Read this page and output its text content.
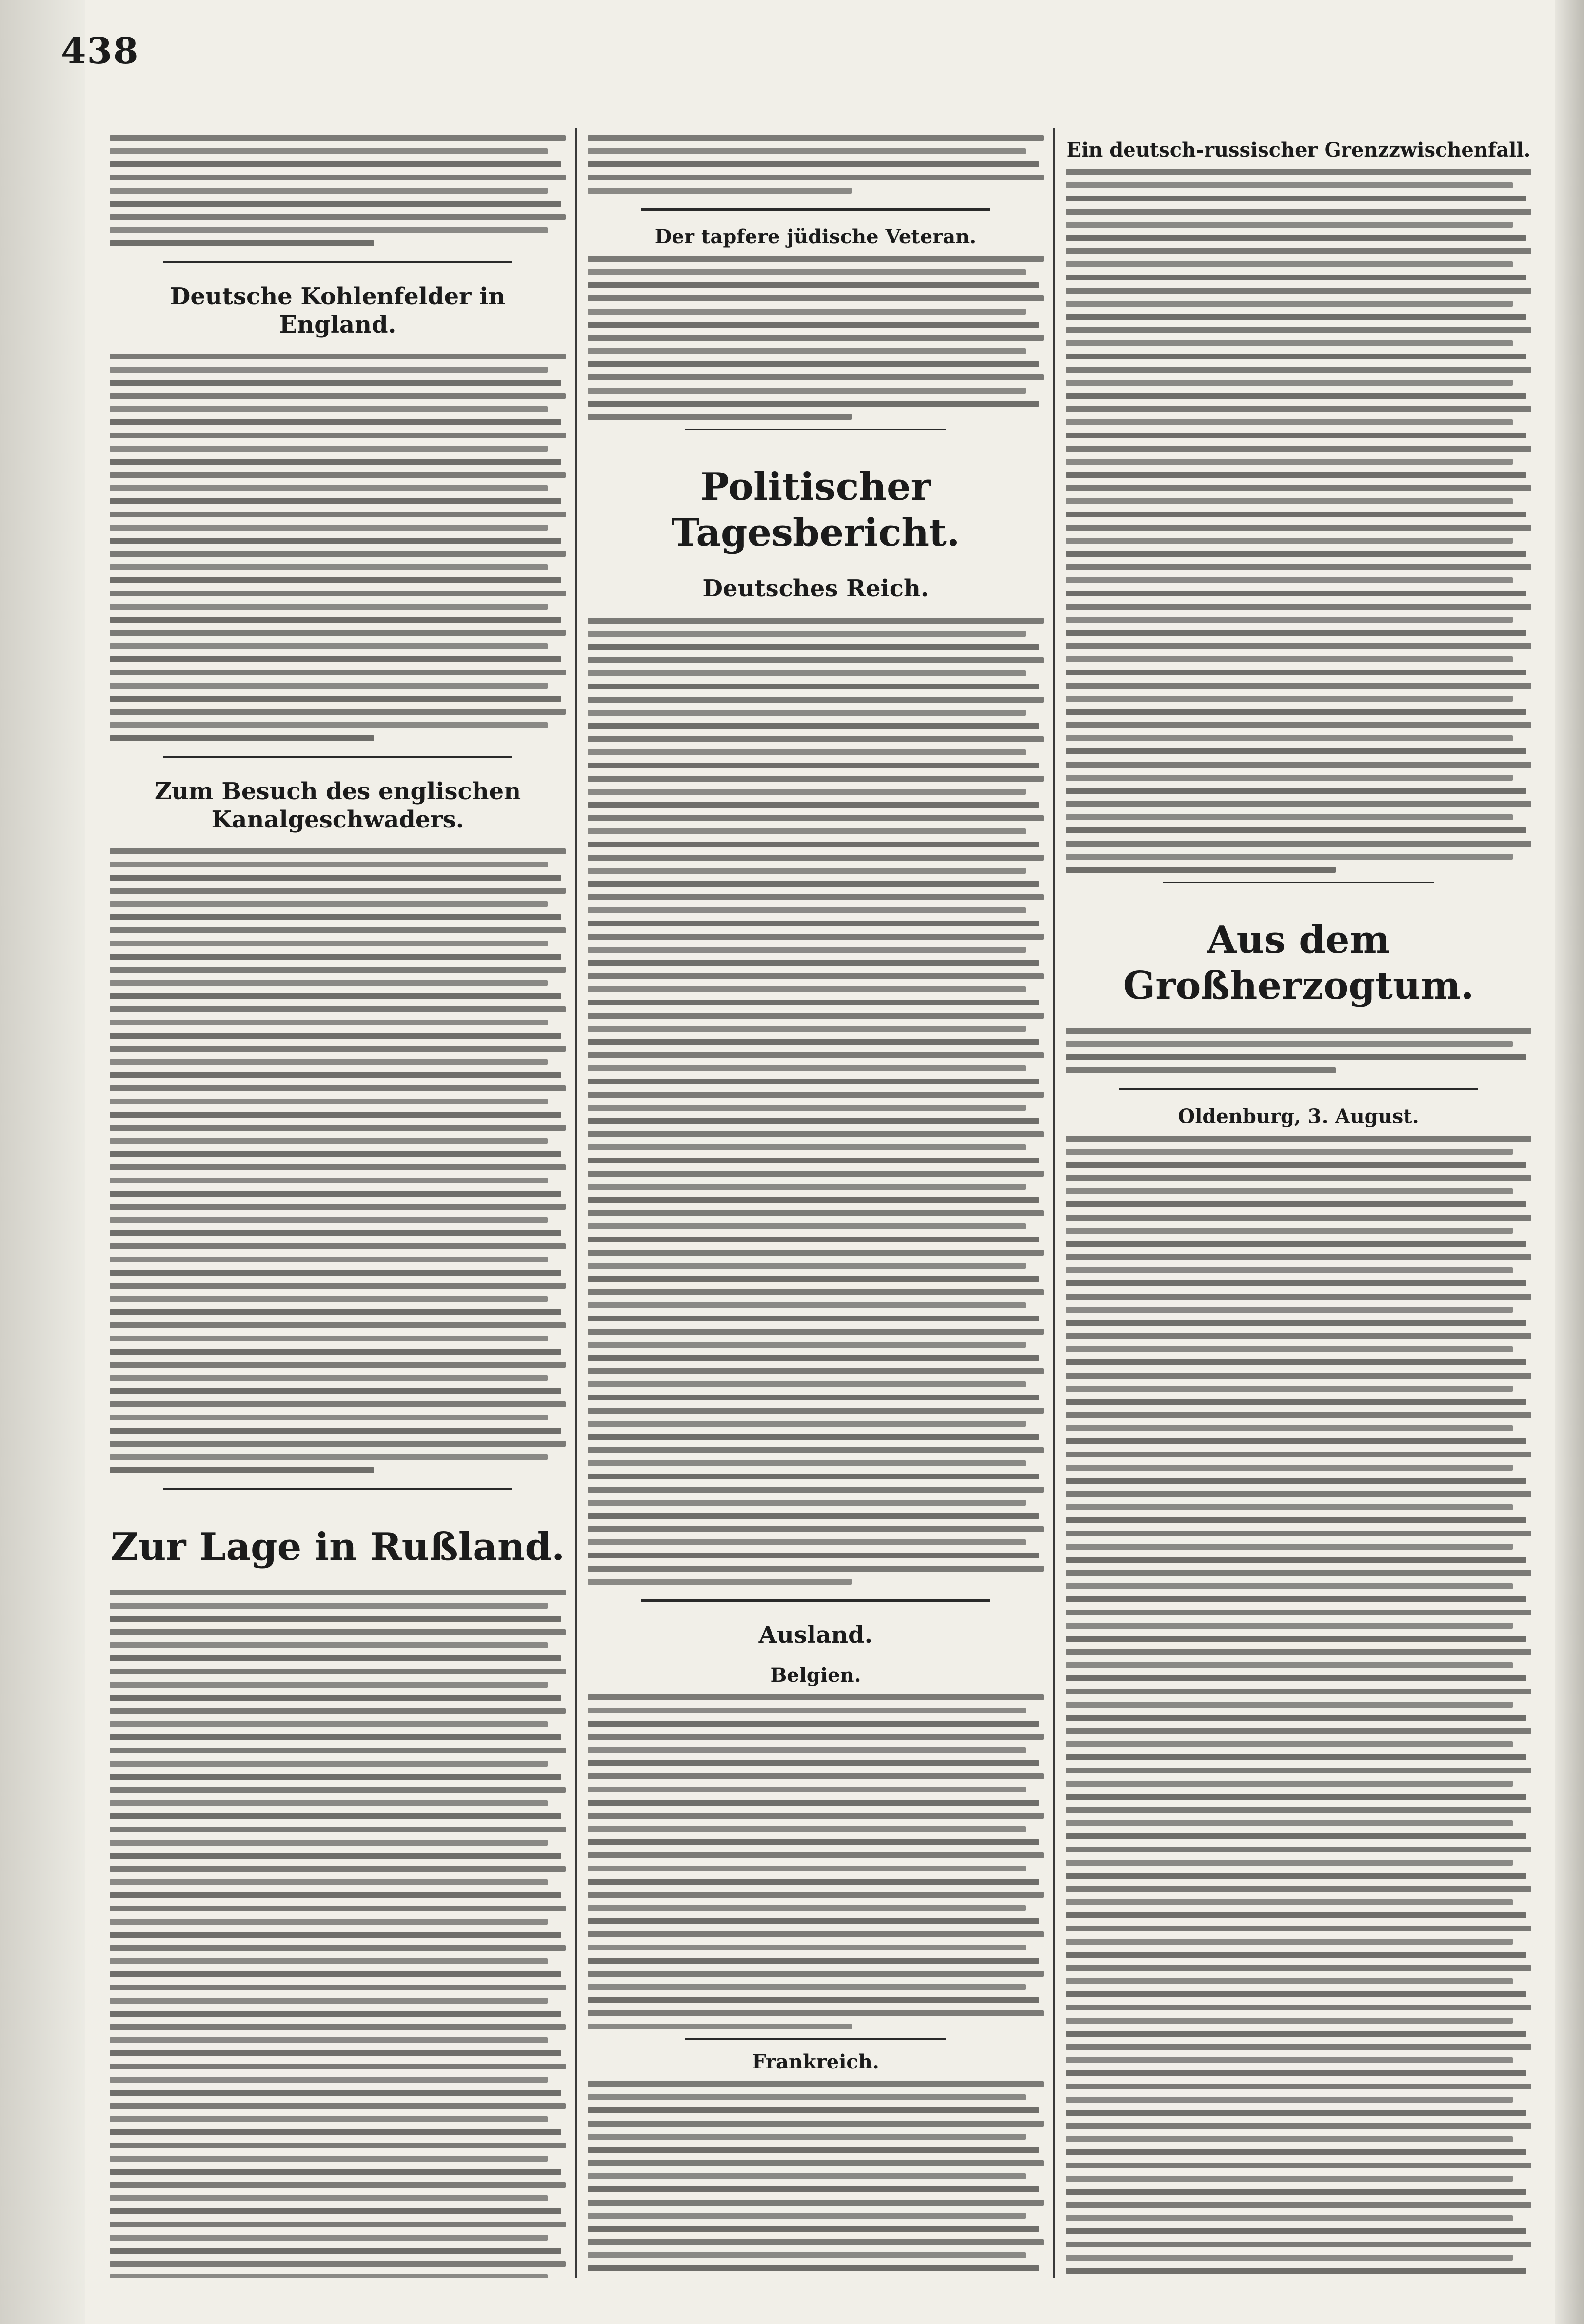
438
Deutsche Kohlenfelder in England.
Zum Besuch des englischen Kanalgeschwaders.
Zur Lage in Rußland.
Der tapfere jüdische Veteran.
Politischer Tagesbericht.
Deutsches Reich.
Ausland.
Belgien.
Frankreich.
Ein deutsch-russischer Grenzzwischenfall.
Aus dem Großherzogtum.
Oldenburg, 3. August.
